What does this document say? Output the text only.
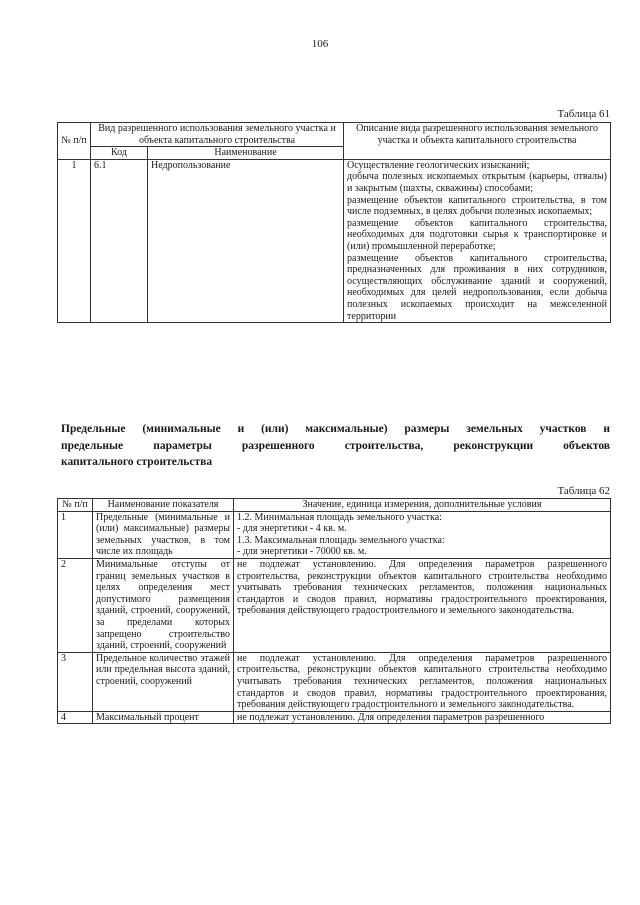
106
Таблица 61
№ п/п	Вид разрешенного использования земельного участка и объекта капитального строительства		Описание вида разрешенного использования земельного участка и объекта капитального строительства
	Код	Наименование	
1	6.1	Недропользование	Осуществление геологических изысканий;
добыча полезных ископаемых открытым (карьеры, отвалы) и закрытым (шахты, скважины) способами;
размещение объектов капитального строительства, в том числе подземных, в целях добычи полезных ископаемых;
размещение объектов капитального строительства, необходимых для подготовки сырья к транспортировке и (или) промышленной переработке;
размещение объектов капитального строительства, предназначенных для проживания в них сотрудников, осуществляющих обслуживание зданий и сооружений, необходимых для целей недропользования, если добыча полезных ископаемых происходит на межселенной территории
Предельные (минимальные и (или) максимальные) размеры земельных участков и
предельные параметры разрешенного строительства, реконструкции объектов
капитального строительства
Таблица 62
№ п/п	Наименование показателя	Значение, единица измерения, дополнительные условия
1	Предельные (минимальные и (или) максимальные) размеры земельных участков, в том числе их площадь	1.2. Минимальная площадь земельного участка:
- для энергетики - 4 кв. м.
1.3. Максимальная площадь земельного участка:
- для энергетики - 70000 кв. м.

2	Минимальные отступы от границ земельных участков в целях определения мест допустимого размещения зданий, строений, сооружений, за пределами которых запрещено строительство зданий, строений, сооружений	не подлежат установлению. Для определения параметров разрешенного строительства, реконструкции объектов капитального строительства необходимо учитывать требования технических регламентов, положения национальных стандартов и сводов правил, нормативы градостроительного проектирования, требования действующего градостроительного и земельного законодательства.
3	Предельное количество этажей или предельная высота зданий, строений, сооружений	не подлежат установлению. Для определения параметров разрешенного строительства, реконструкции объектов капитального строительства необходимо учитывать требования технических регламентов, положения национальных стандартов и сводов правил, нормативы градостроительного проектирования, требования действующего градостроительного и земельного законодательства.
4	Максимальный процент	не подлежат установлению. Для определения параметров разрешенного
